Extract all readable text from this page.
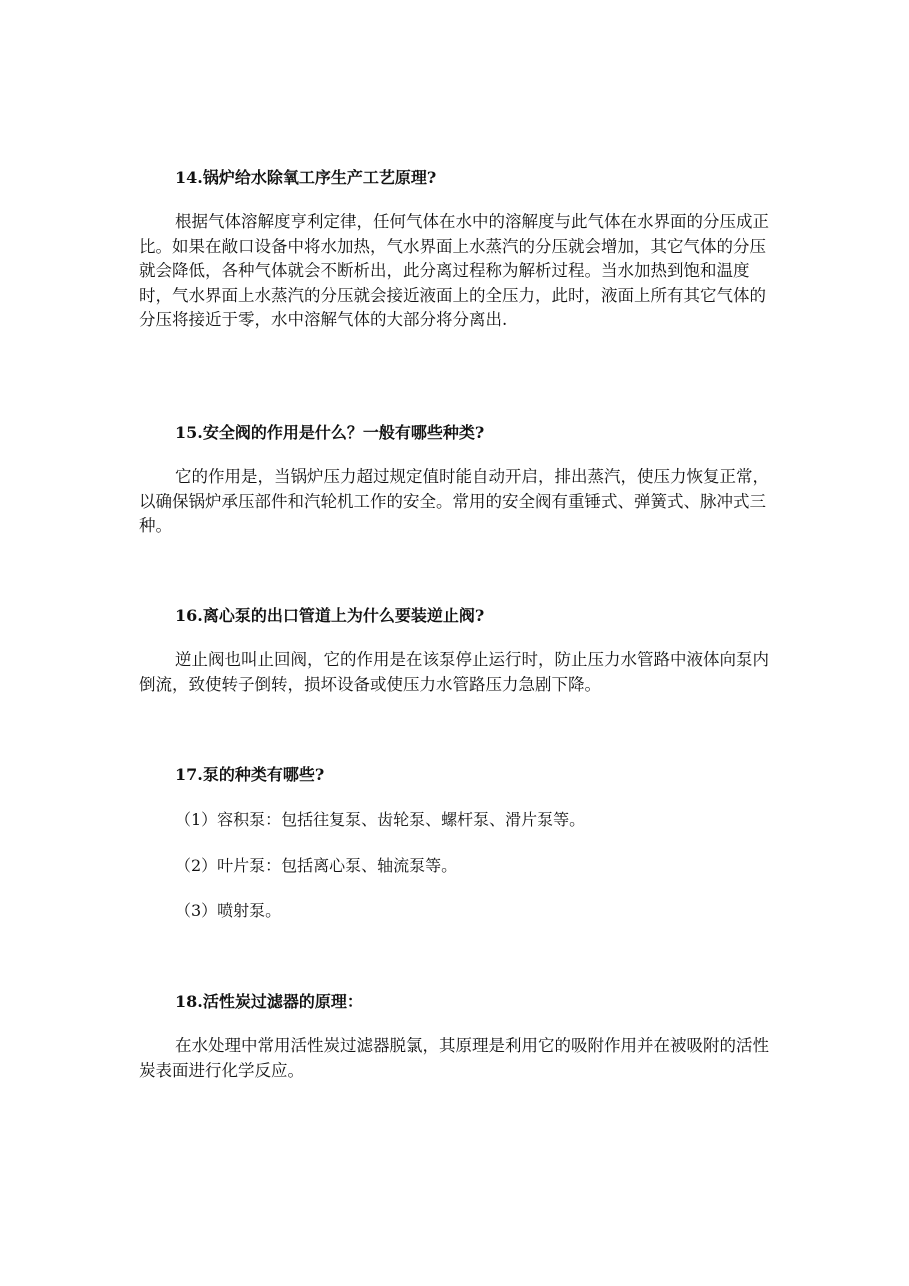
14.锅炉给水除氧工序生产工艺原理?

根据气体溶解度亨利定律，任何气体在水中的溶解度与此气体在水界面的分压成正比。如果在敞口设备中将水加热，气水界面上水蒸汽的分压就会增加，其它气体的分压就会降低，各种气体就会不断析出，此分离过程称为解析过程。当水加热到饱和温度时，气水界面上水蒸汽的分压就会接近液面上的全压力，此时，液面上所有其它气体的分压将接近于零，水中溶解气体的大部分将分离出.

15.安全阀的作用是什么？一般有哪些种类?

它的作用是，当锅炉压力超过规定值时能自动开启，排出蒸汽，使压力恢复正常，以确保锅炉承压部件和汽轮机工作的安全。常用的安全阀有重锤式、弹簧式、脉冲式三种。

16.离心泵的出口管道上为什么要装逆止阀?

逆止阀也叫止回阀，它的作用是在该泵停止运行时，防止压力水管路中液体向泵内倒流，致使转子倒转，损坏设备或使压力水管路压力急剧下降。

17.泵的种类有哪些?
（1）容积泵：包括往复泵、齿轮泵、螺杆泵、滑片泵等。
（2）叶片泵：包括离心泵、轴流泵等。
（3）喷射泵。
18.活性炭过滤器的原理：

在水处理中常用活性炭过滤器脱氯，其原理是利用它的吸附作用并在被吸附的活性炭表面进行化学反应。
